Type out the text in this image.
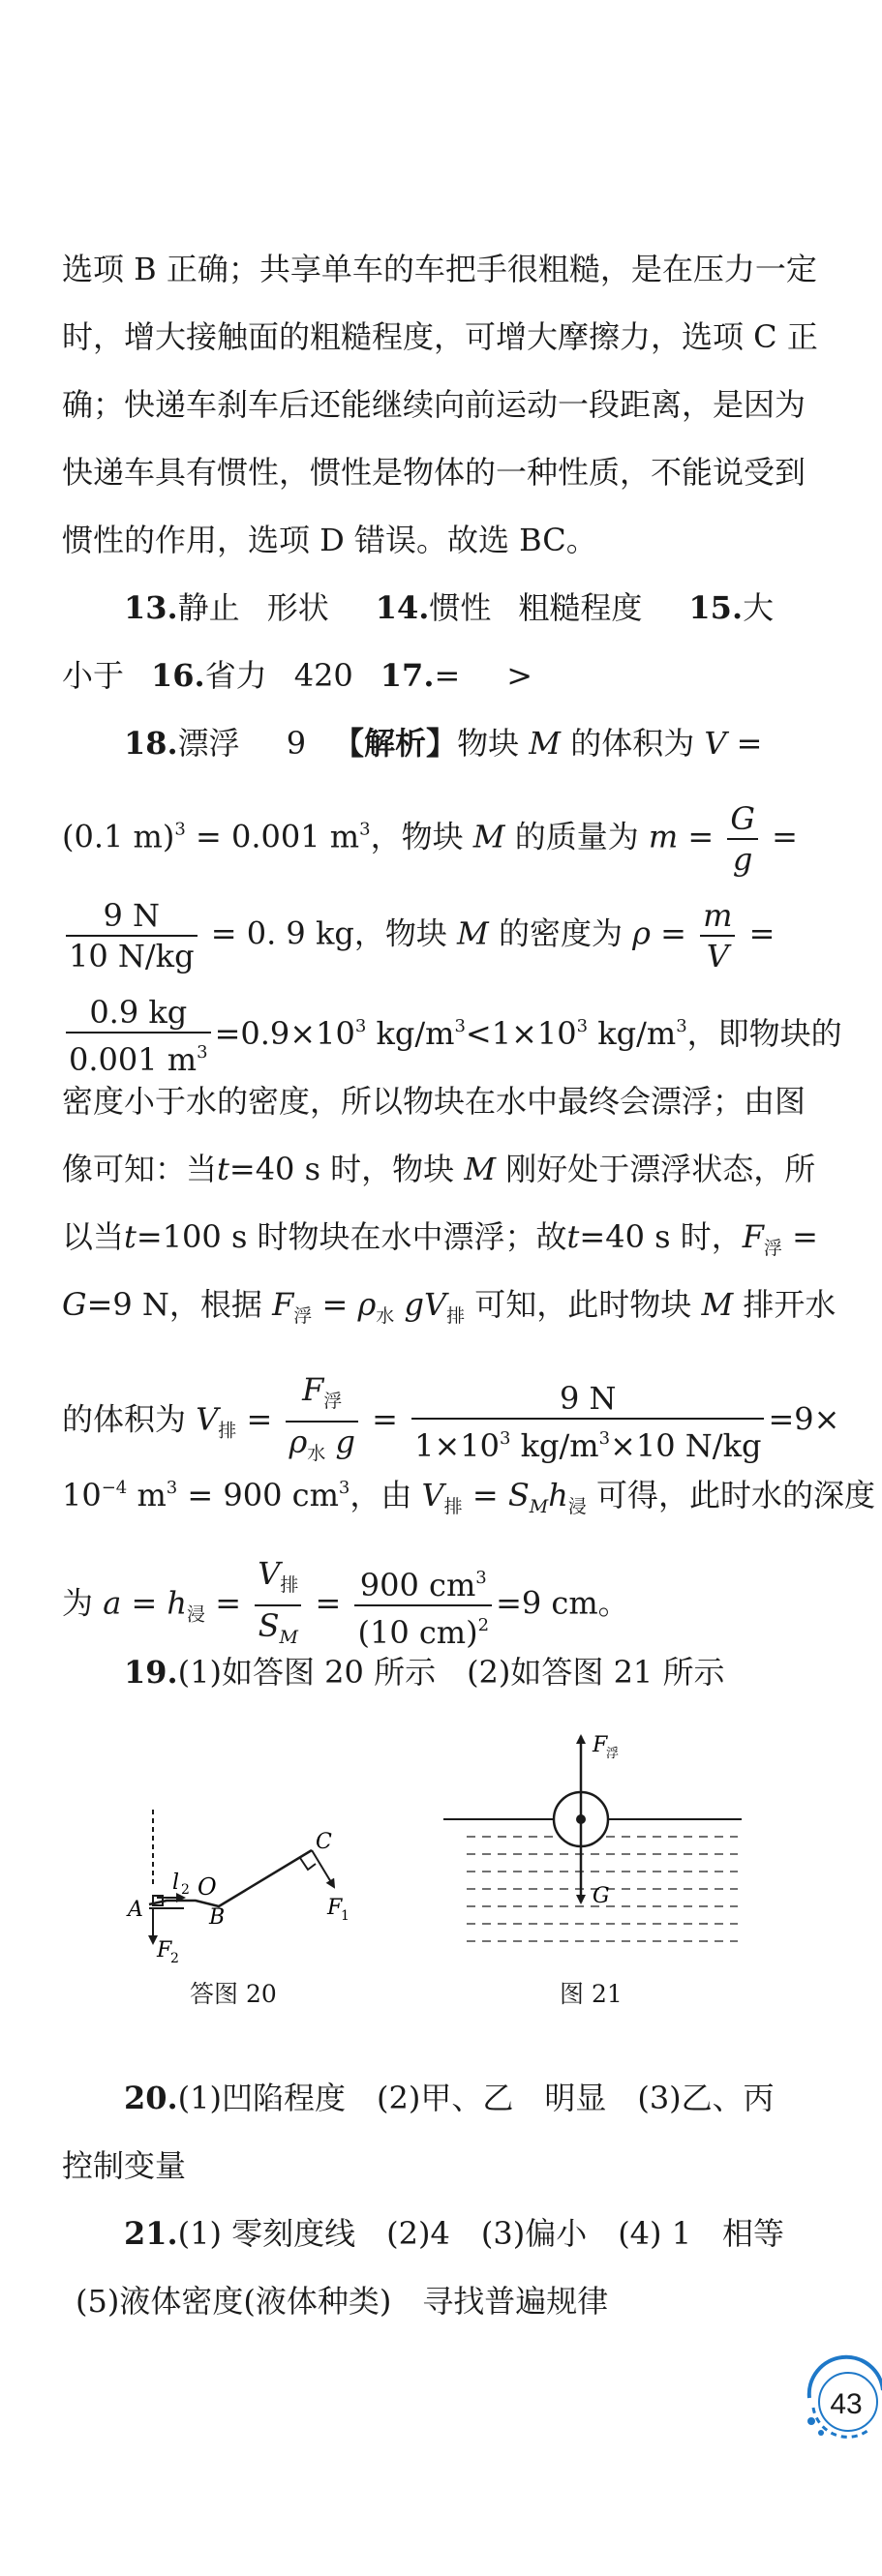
选项 B 正确；共享单车的车把手很粗糙，是在压力一定
时，增大接触面的粗糙程度，可增大摩擦力，选项 C 正
确；快递车刹车后还能继续向前运动一段距离，是因为
快递车具有惯性，惯性是物体的一种性质，不能说受到
惯性的作用，选项 D 错误。故选 BC。
13.静止 形状 14.惯性 粗糙程度 15.大
小于 16.省力 420 17.= >
18.漂浮 9 【解析】物块 M 的体积为 V =
(0.1 m)$^3$ = 0.001 $m^3$，物块 M 的质量为 $m = \frac{G}{g}$ =
$\frac{9 N}{10 N/kg} = 0$. 9 kg，物块 M 的密度为 $\rho = \frac{m}{V}$ =
$\frac{0.9 kg}{0.001 m^3} =0.9\times 10^3$ $kg/m^3<1\times 10^3$ $kg/m^3$，即物块的
密度小于水的密度，所以物块在水中最终会漂浮；由图
像可知：当t=40 s 时，物块 M 刚好处于漂浮状态，所
以当t=100 s 时物块在水中漂浮；故t=40 s 时，$F_浮$ =
G=9 N，根据 $F_浮 = \rho_水$ $gV_排$ 可知，此时物块 M 排开水
的体积为 $V_排 = \frac{F_浮}{\rho_水 g} = \frac{9 N}{1\times 10^3 kg/m^3\times 10 N/kg} =9\times$
$10^{-4}$ $m^3 = 900$ $cm^3$，由 $V_排 = S_Mh_浸$ 可得，此时水的深度
为 $a = h_浸 = \frac{V_排}{S_M} = \frac{900 cm^3}{(10 cm)^2} =9$ cm。
19.(1)如答图 20 所示　(2)如答图 21 所示
A	B
O
C
l 2
F
1
F
2
答图 20
F
浮
G
图 21
20.(1)凹陷程度　(2)甲、乙　明显　(3)乙、丙
控制变量
21.(1) 零刻度线　(2)4　(3)偏小　(4) 1　相等
(5)液体密度(液体种类)　寻找普遍规律
43
